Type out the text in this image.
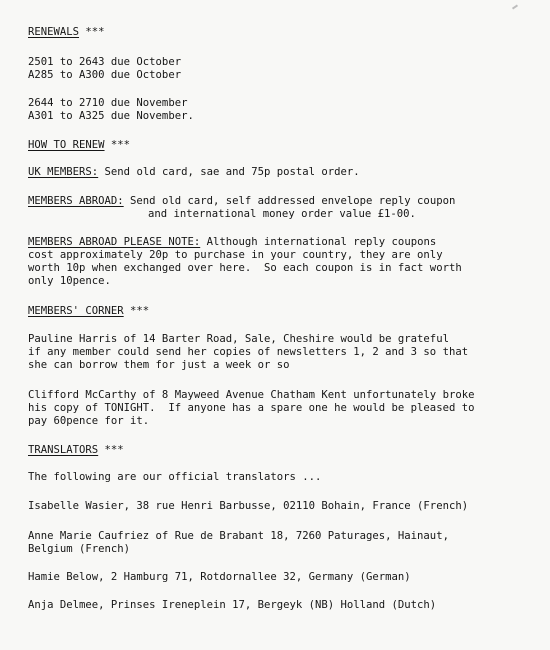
RENEWALS ***
2501 to 2643 due October
A285 to A300 due October
2644 to 2710 due November
A301 to A325 due November.
HOW TO RENEW ***
UK MEMBERS: Send old card, sae and 75p postal order.
MEMBERS ABROAD: Send old card, self addressed envelope reply coupon
and international money order value £1-00.
MEMBERS ABROAD PLEASE NOTE: Although international reply coupons
cost approximately 20p to purchase in your country, they are only
worth 10p when exchanged over here.  So each coupon is in fact worth
only 10pence.
MEMBERS' CORNER ***
Pauline Harris of 14 Barter Road, Sale, Cheshire would be grateful
if any member could send her copies of newsletters 1, 2 and 3 so that
she can borrow them for just a week or so
Clifford McCarthy of 8 Mayweed Avenue Chatham Kent unfortunately broke
his copy of TONIGHT.  If anyone has a spare one he would be pleased to
pay 60pence for it.
TRANSLATORS ***
The following are our official translators ...
Isabelle Wasier, 38 rue Henri Barbusse, 02110 Bohain, France (French)
Anne Marie Caufriez of Rue de Brabant 18, 7260 Paturages, Hainaut,
Belgium (French)
Hamie Below, 2 Hamburg 71, Rotdornallee 32, Germany (German)
Anja Delmee, Prinses Ireneplein 17, Bergeyk (NB) Holland (Dutch)
